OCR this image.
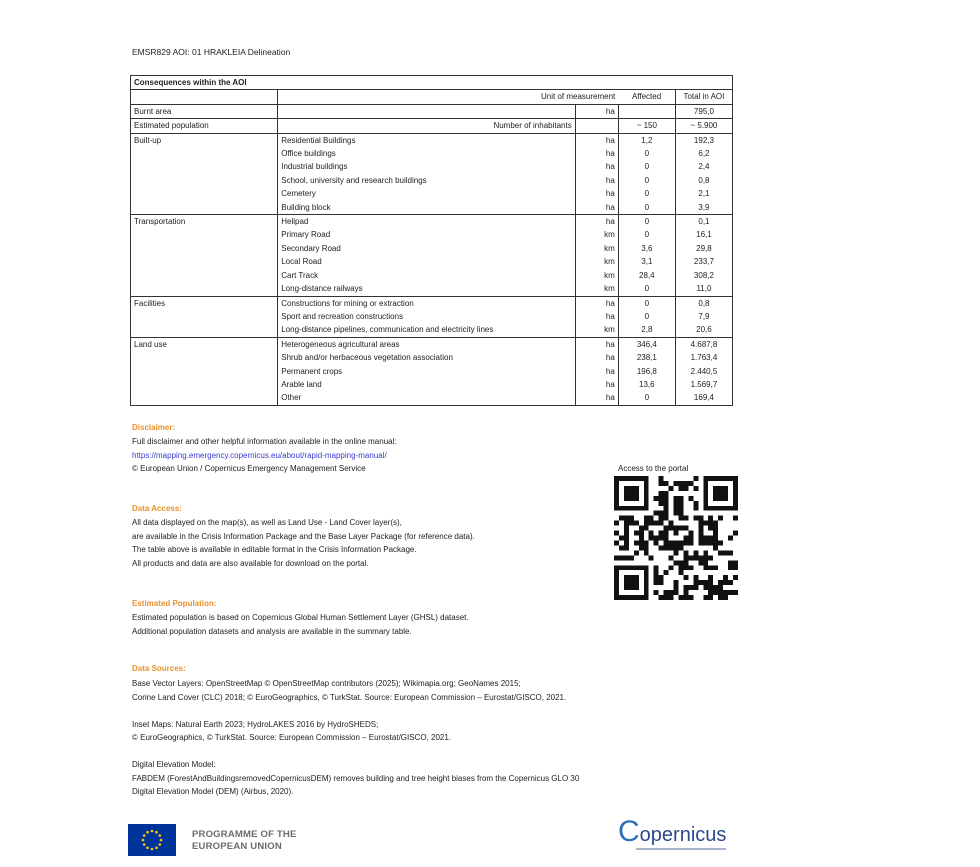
EMSR829 AOI: 01 HRAKLEIA Delineation
Consequences within the AOI				
	Unit of measurement		Affected	Total in AOI
Burnt area		ha		795,0
Estimated population	Number of inhabitants		~ 150	~ 5.900
Built-up	Residential Buildings	ha	1,2	192,3
	Office buildings	ha	0	6,2
	Industrial buildings	ha	0	2,4
	School, university and research buildings	ha	0	0,8
	Cemetery	ha	0	2,1
	Building block	ha	0	3,9
Transportation	Helipad	ha	0	0,1
	Primary Road	km	0	16,1
	Secondary Road	km	3,6	29,8
	Local Road	km	3,1	233,7
	Cart Track	km	28,4	308,2
	Long-distance railways	km	0	11,0
Facilities	Constructions for mining or extraction	ha	0	0,8
	Sport and recreation constructions	ha	0	7,9
	Long-distance pipelines, communication and electricity lines	km	2,8	20,6
Land use	Heterogeneous agricultural areas	ha	346,4	4.687,8
	Shrub and/or herbaceous vegetation association	ha	238,1	1.763,4
	Permanent crops	ha	196,8	2.440,5
	Arable land	ha	13,6	1.569,7
	Other	ha	0	169,4
Disclaimer:
Full disclaimer and other helpful information available in the online manual:
https://mapping.emergency.copernicus.eu/about/rapid-mapping-manual/
© European Union / Copernicus Emergency Management Service	Access to the portal
Data Access:
All data displayed on the map(s), as well as Land Use - Land Cover layer(s),
are available in the Crisis Information Package and the Base Layer Package (for reference data).
The table above is available in editable format in the Crisis Information Package.
All products and data are also available for download on the portal.
Estimated Population:
Estimated population is based on Copernicus Global Human Settlement Layer (GHSL) dataset.
Additional population datasets and analysis are available in the summary table.
Data Sources:
Base Vector Layers: OpenStreetMap © OpenStreetMap contributors (2025); Wikimapia.org; GeoNames 2015;
Corine Land Cover (CLC) 2018; © EuroGeographics, © TurkStat. Source: European Commission – Eurostat/GISCO, 2021.
Inset Maps: Natural Earth 2023; HydroLAKES 2016 by HydroSHEDS;
© EuroGeographics, © TurkStat. Source: European Commission – Eurostat/GISCO, 2021.
Digital Elevation Model:
FABDEM (ForestAndBuildingsremovedCopernicusDEM) removes building and tree height biases from the Copernicus GLO 30
Digital Elevation Model (DEM) (Airbus, 2020).
PROGRAMME OF THE
EUROPEAN UNION	Copernicus
